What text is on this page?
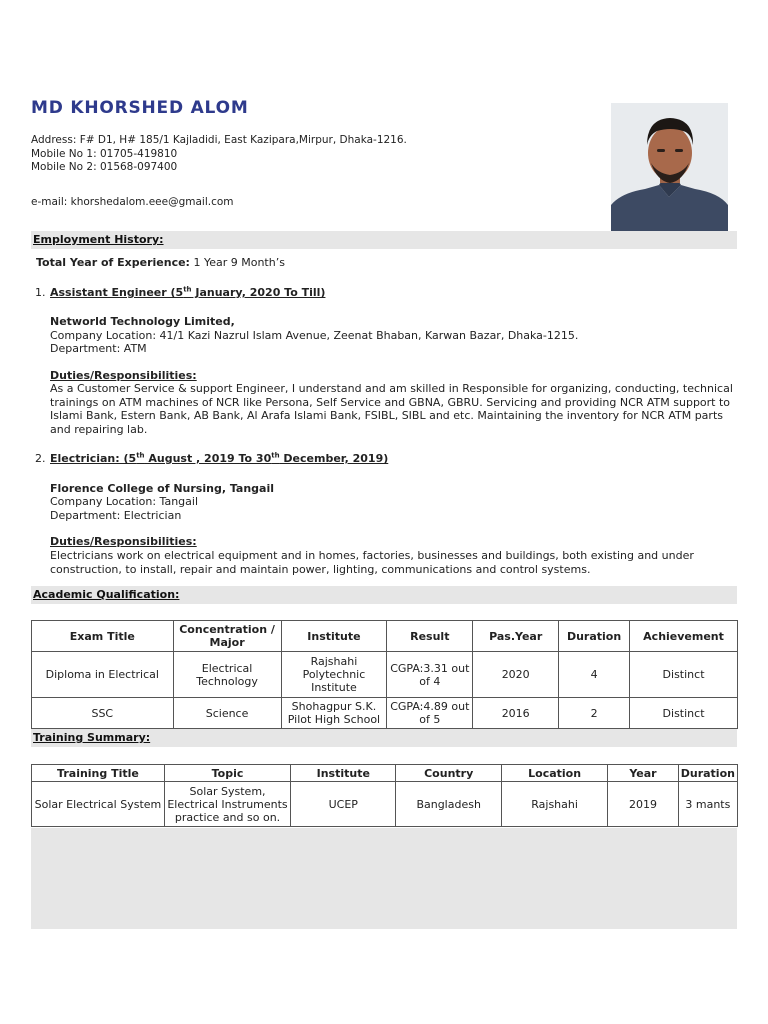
MD KHORSHED ALOM
Address: F# D1, H# 185/1 Kajladidi, East Kazipara,Mirpur, Dhaka-1216.
Mobile No 1: 01705-419810
Mobile No 2: 01568-097400
e-mail: khorshedalom.eee@gmail.com
Employment History:
Total Year of Experience: 1 Year 9 Month’s
1. Assistant Engineer (5th January, 2020 To Till)
Networld Technology Limited,
Company Location: 41/1 Kazi Nazrul Islam Avenue, Zeenat Bhaban, Karwan Bazar, Dhaka-1215.
Department: ATM
Duties/Responsibilities:
As a Customer Service & support Engineer, I understand and am skilled in Responsible for organizing, conducting, technical trainings on ATM machines of NCR like Persona, Self Service and GBNA, GBRU. Servicing and providing NCR ATM support to Islami Bank, Estern Bank, AB Bank, Al Arafa Islami Bank, FSIBL, SIBL and etc. Maintaining the inventory for NCR ATM parts and repairing lab.
2. Electrician: (5th August , 2019 To 30th December, 2019)
Florence College of Nursing, Tangail
Company Location: Tangail
Department: Electrician
Duties/Responsibilities:
Electricians work on electrical equipment and in homes, factories, businesses and buildings, both existing and under construction, to install, repair and maintain power, lighting, communications and control systems.
Academic Qualification:
Exam Title	Concentration / Major	Institute	Result	Pas.Year	Duration	Achievement
Diploma in Electrical	Electrical Technology	Rajshahi Polytechnic Institute	CGPA:3.31 out of 4	2020	4	Distinct
SSC	Science	Shohagpur S.K. Pilot High School	CGPA:4.89 out of 5	2016	2	Distinct
Training Summary:
Training Title	Topic	Institute	Country	Location	Year	Duration
Solar Electrical System	Solar System, Electrical Instruments practice and so on.	UCEP	Bangladesh	Rajshahi	2019	3 mants
